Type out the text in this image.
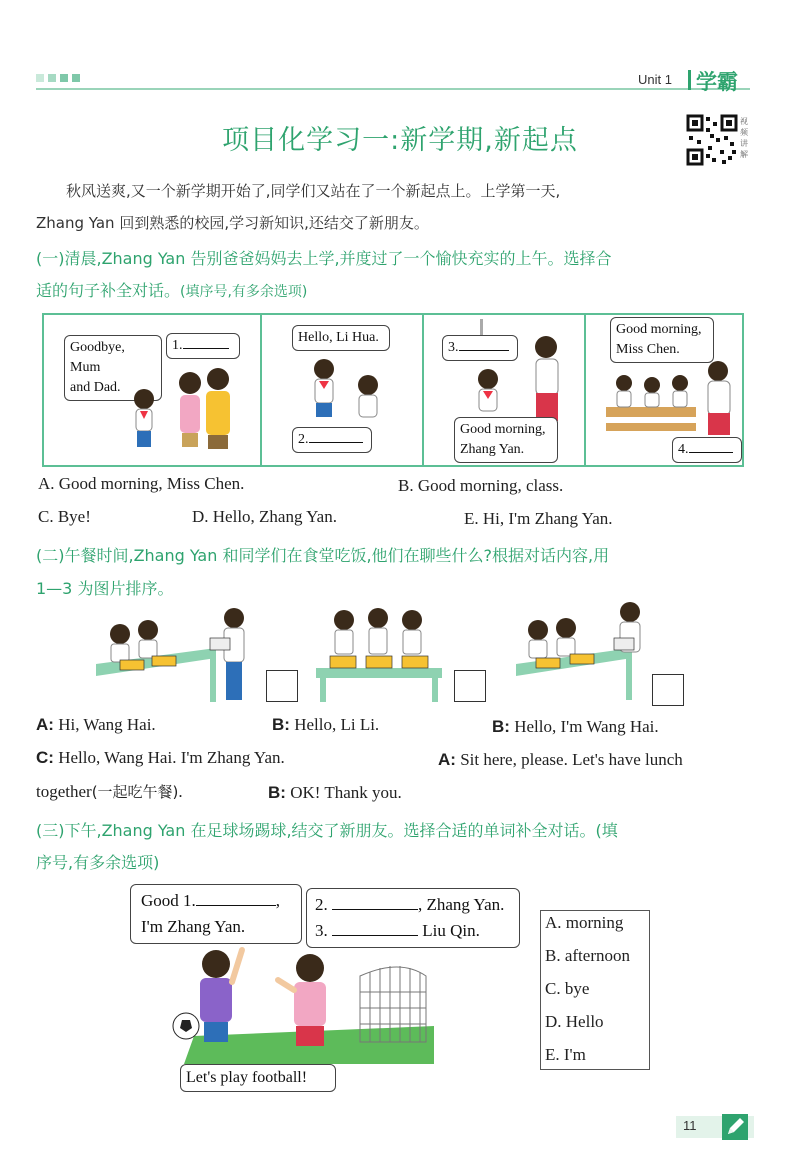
Unit 1 学霸
项目化学习一:新学期,新起点
视频讲解
秋风送爽,又一个新学期开始了,同学们又站在了一个新起点上。上学第一天,
Zhang Yan 回到熟悉的校园,学习新知识,还结交了新朋友。
(一)清晨,Zhang Yan 告别爸爸妈妈去上学,并度过了一个愉快充实的上午。选择合
适的句子补全对话。(填序号,有多余选项)
Goodbye, Mum
and Dad.
1.
Hello, Li Hua.
2.
3.
Good morning,
Zhang Yan.
Good morning,
Miss Chen.
4.
A. Good morning, Miss Chen.	B. Good morning, class.
C. Bye!	D. Hello, Zhang Yan.	E. Hi, I'm Zhang Yan.
(二)午餐时间,Zhang Yan 和同学们在食堂吃饭,他们在聊些什么?根据对话内容,用
1—3 为图片排序。
A: Hi, Wang Hai.	B: Hello, Li Li.	B: Hello, I'm Wang Hai.
C: Hello, Wang Hai. I'm Zhang Yan.	A: Sit here, please. Let's have lunch
together(一起吃午餐).	B: OK! Thank you.
(三)下午,Zhang Yan 在足球场踢球,结交了新朋友。选择合适的单词补全对话。(填
序号,有多余选项)
Good 1.	,
I'm Zhang Yan.
2.	, Zhang Yan.
3.	Liu Qin.
Let's play football!
A. morning
B. afternoon
C. bye
D. Hello
E. I'm
11
